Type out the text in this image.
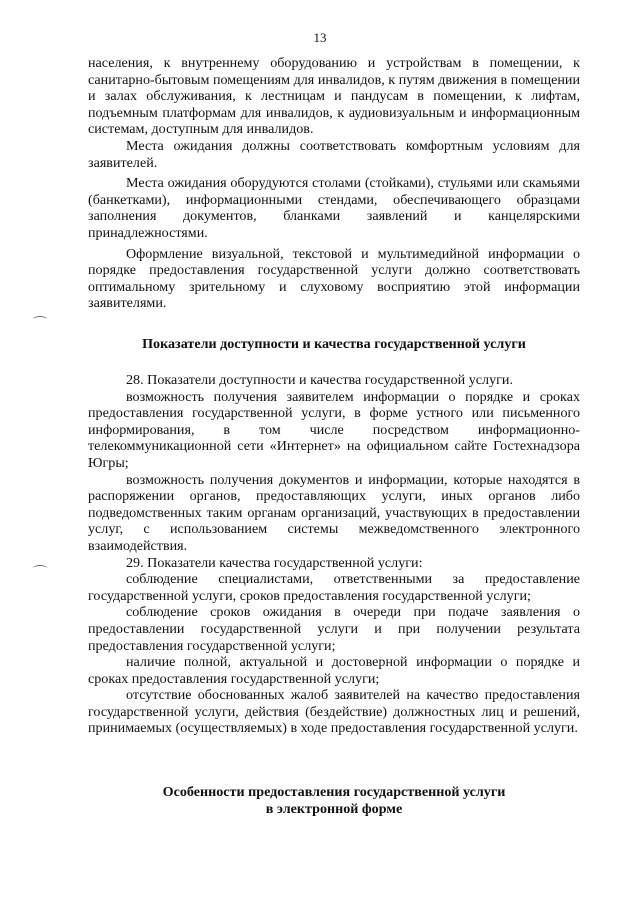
13

населения, к внутреннему оборудованию и устройствам в помещении, к санитарно-бытовым помещениям для инвалидов, к путям движения в помещении и залах обслуживания, к лестницам и пандусам в помещении, к лифтам, подъемным платформам для инвалидов, к аудиовизуальным и информационным системам, доступным для инвалидов.

Места ожидания должны соответствовать комфортным условиям для заявителей.

Места ожидания оборудуются столами (стойками), стульями или скамьями (банкетками), информационными стендами, обеспечивающего образцами заполнения документов, бланками заявлений и канцелярскими принадлежностями.

Оформление визуальной, текстовой и мультимедийной информации о порядке предоставления государственной услуги должно соответствовать оптимальному зрительному и слуховому восприятию этой информации заявителями.

Показатели доступности и качества государственной услуги

28. Показатели доступности и качества государственной услуги.

возможность получения заявителем информации о порядке и сроках предоставления государственной услуги, в форме устного или письменного информирования, в том числе посредством информационно-телекоммуникационной сети «Интернет» на официальном сайте Гостехнадзора Югры;

возможность получения документов и информации, которые находятся в распоряжении органов, предоставляющих услуги, иных органов либо подведомственных таким органам организаций, участвующих в предоставлении услуг, с использованием системы межведомственного электронного взаимодействия.

29. Показатели качества государственной услуги:

соблюдение специалистами, ответственными за предоставление государственной услуги, сроков предоставления государственной услуги;

соблюдение сроков ожидания в очереди при подаче заявления о предоставлении государственной услуги и при получении результата предоставления государственной услуги;

наличие полной, актуальной и достоверной информации о порядке и сроках предоставления государственной услуги;

отсутствие обоснованных жалоб заявителей на качество предоставления государственной услуги, действия (бездействие) должностных лиц и решений, принимаемых (осуществляемых) в ходе предоставления государственной услуги.

Особенности предоставления государственной услуги

в электронной форме
